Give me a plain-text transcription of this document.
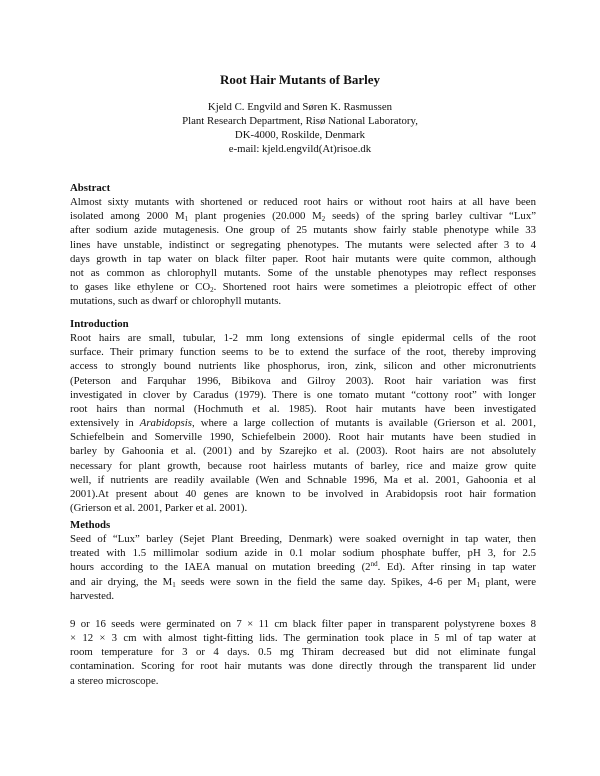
Root Hair Mutants of Barley
Kjeld C. Engvild and Søren K. Rasmussen
Plant Research Department, Risø National Laboratory,
DK-4000, Roskilde, Denmark
e-mail: kjeld.engvild(At)risoe.dk
Abstract

Almost sixty mutants with shortened or reduced root hairs or without root hairs at all have been

isolated among 2000 $M_1$ plant progenies (20.000 $M_2$ seeds) of the spring barley cultivar “Lux”

after sodium azide mutagenesis. One group of 25 mutants show fairly stable phenotype while 33

lines have unstable, indistinct or segregating phenotypes. The mutants were selected after 3 to 4

days growth in tap water on black filter paper. Root hair mutants were quite common, although

not as common as chlorophyll mutants. Some of the unstable phenotypes may reflect responses

to gases like ethylene or $CO_2$. Shortened root hairs were sometimes a pleiotropic effect of other

mutations, such as dwarf or chlorophyll mutants.

Introduction

Root hairs are small, tubular, 1-2 mm long extensions of single epidermal cells of the root

surface. Their primary function seems to be to extend the surface of the root, thereby improving

access to strongly bound nutrients like phosphorus, iron, zink, silicon and other micronutrients

(Peterson and Farquhar 1996, Bibikova and Gilroy 2003). Root hair variation was first

investigated in clover by Caradus (1979). There is one tomato mutant “cottony root” with longer

root hairs than normal (Hochmuth et al. 1985). Root hair mutants have been investigated

extensively in Arabidopsis, where a large collection of mutants is available (Grierson et al. 2001,

Schiefelbein and Somerville 1990, Schiefelbein 2000). Root hair mutants have been studied in

barley by Gahoonia et al. (2001) and by Szarejko et al. (2003). Root hairs are not absolutely

necessary for plant growth, because root hairless mutants of barley, rice and maize grow quite

well, if nutrients are readily available (Wen and Schnable 1996, Ma et al. 2001, Gahoonia et al

2001).At present about 40 genes are known to be involved in Arabidopsis root hair formation

(Grierson et al. 2001, Parker et al. 2001).

Methods

Seed of “Lux” barley (Sejet Plant Breeding, Denmark) were soaked overnight in tap water, then

treated with 1.5 millimolar sodium azide in 0.1 molar sodium phosphate buffer, pH 3, for 2.5

hours according to the IAEA manual on mutation breeding (2nd. Ed). After rinsing in tap water

and air drying, the $M_1$ seeds were sown in the field the same day. Spikes, 4-6 per $M_1$ plant, were

harvested.

9 or 16 seeds were germinated on 7 × 11 cm black filter paper in transparent polystyrene boxes 8

× 12 × 3 cm with almost tight-fitting lids. The germination took place in 5 ml of tap water at

room temperature for 3 or 4 days. 0.5 mg Thiram decreased but did not eliminate fungal

contamination. Scoring for root hair mutants was done directly through the transparent lid under

a stereo microscope.
